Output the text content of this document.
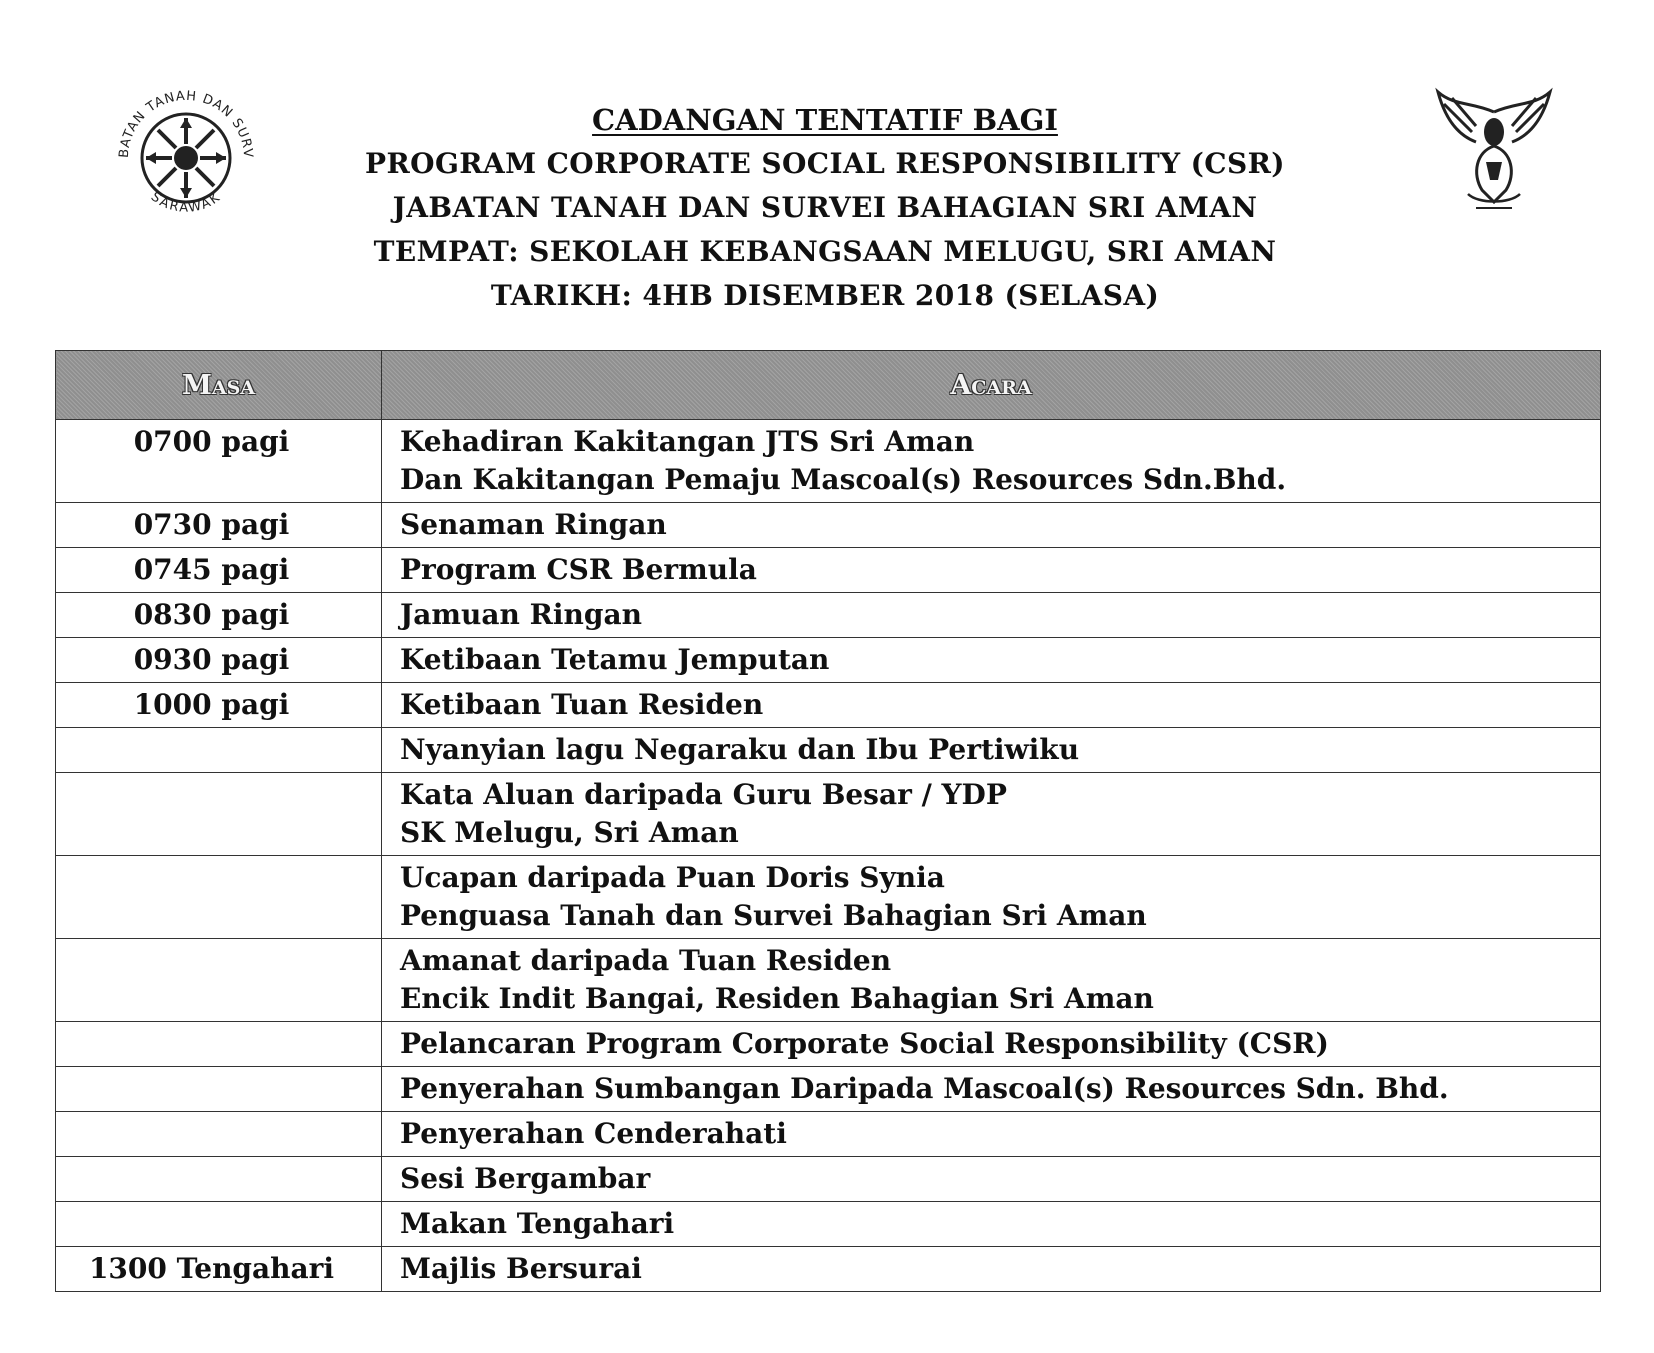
BATAN TANAH DAN SURV
SARAWAK
CADANGAN TENTATIF BAGI
PROGRAM CORPORATE SOCIAL RESPONSIBILITY (CSR)
JABATAN TANAH DAN SURVEI BAHAGIAN SRI AMAN
TEMPAT: SEKOLAH KEBANGSAAN MELUGU, SRI AMAN
TARIKH: 4HB DISEMBER 2018 (SELASA)
Masa	Acara
0700 pagi	Kehadiran Kakitangan JTS Sri Aman
Dan Kakitangan Pemaju Mascoal(s) Resources Sdn.Bhd.

0730 pagi	Senaman Ringan

0745 pagi	Program CSR Bermula

0830 pagi	Jamuan Ringan

0930 pagi	Ketibaan Tetamu Jemputan

1000 pagi	Ketibaan Tuan Residen

	Nyanyian lagu Negaraku dan Ibu Pertiwiku

	Kata Aluan daripada Guru Besar / YDP
SK Melugu, Sri Aman

	Ucapan daripada Puan Doris Synia
Penguasa Tanah dan Survei Bahagian Sri Aman

	Amanat daripada Tuan Residen
Encik Indit Bangai, Residen Bahagian Sri Aman

	Pelancaran Program Corporate Social Responsibility (CSR)

	Penyerahan Sumbangan Daripada Mascoal(s) Resources Sdn. Bhd.

	Penyerahan Cenderahati

	Sesi Bergambar

	Makan Tengahari

1300 Tengahari	Majlis Bersurai
